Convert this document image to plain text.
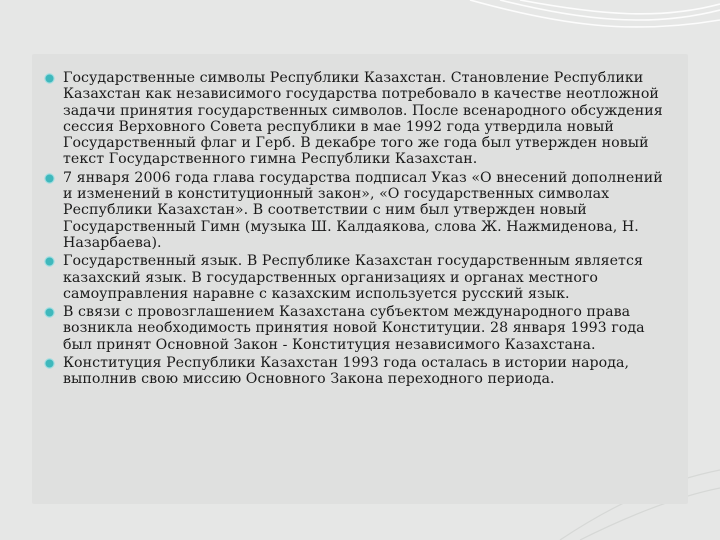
Государственные символы Республики Казахстан. Становление Республики Казахстан как независимого государства потребовало в качестве неотложной задачи принятия государственных символов. После всенародного обсуждения сессия Верховного Совета республики в мае 1992 года утвердила новый Государственный флаг и Герб. В декабре того же года был утвержден новый текст Государственного гимна Республики Казахстан.
7 января 2006 года глава государства подписал Указ «О внесений дополнений и изменений в конституционный закон», «О государственных символах Республики Казахстан». В соответствии с ним был утвержден новый Государственный Гимн (музыка Ш. Калдаякова, слова Ж. Нажмиденова, Н. Назарбаева).
Государственный язык. В Республике Казахстан государственным является казахский язык. В государственных организациях и органах местного самоуправления наравне с казахским используется русский язык.
В связи с провозглашением Казахстана субъектом международного права возникла необходимость принятия новой Конституции. 28 января 1993 года был принят Основной Закон - Конституция независимого Казахстана.
Конституция Республики Казахстан 1993 года осталась в истории народа, выполнив свою миссию Основного Закона переходного периода.
